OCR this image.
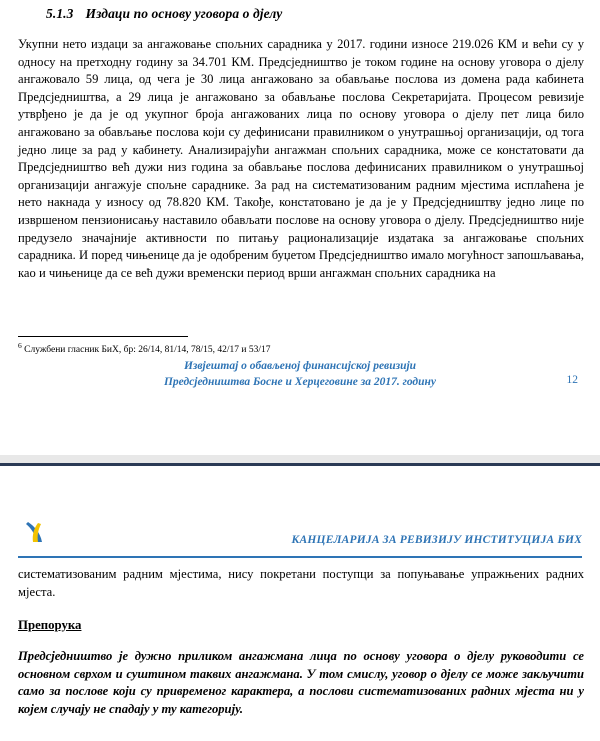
5.1.3 Издаци по основу уговора о дјелу
Укупни нето издаци за ангажовање спољних сарадника у 2017. години износе 219.026 КМ и већи су у односу на претходну годину за 34.701 КМ. Предсједништво је током године на основу уговора о дјелу ангажовало 59 лица, од чега је 30 лица ангажовано за обављање послова из домена рада кабинета Предсједништва, а 29 лица је ангажовано за обављање послова Секретаријата. Процесом ревизије утврђено је да је од укупног броја ангажованих лица по основу уговора о дјелу пет лица било ангажовано за обављање послова који су дефинисани правилником о унутрашњој организацији, од тога једно лице за рад у кабинету. Анализирајући ангажман спољних сарадника, може се констатовати да Предсједништво већ дужи низ година за обављање послова дефинисаних правилником о унутрашњој организацији ангажује спољне сараднике. За рад на систематизованим радним мјестима исплаћена је нето накнада у износу од 78.820 КМ. Такође, констатовано је да је у Предсједништву једно лице по извршеном пензионисању наставило обављати послове на основу уговора о дјелу. Предсједништво није предузело значајније активности по питању рационализације издатака за ангажовање спољних сарадника. И поред чињенице да је одобреним буџетом Предсједништво имало могућност запошљавања, као и чињенице да се већ дужи временски период врши ангажман спољних сарадника на
$^6$ Службени гласник БиХ, бр: 26/14, 81/14, 78/15, 42/17 и 53/17
Извјештај о обављеној финансијској ревизији
Предсједништва Босне и Херцеговине за 2017. годину	12
КАНЦЕЛАРИЈА ЗА РЕВИЗИЈУ ИНСТИТУЦИЈА БИХ
систематизованим радним мјестима, нису покретани поступци за попуњавање упражњених радних мјеста.
Препорука
Предсједништво је дужно приликом ангажмана лица по основу уговора о дјелу руководити се основном сврхом и суштином таквих ангажмана. У том смислу, уговор о дјелу се може закључити само за послове који су привременог карактера, а послови систематизованих радних мјеста ни у којем случају не спадају у ту категорију.
